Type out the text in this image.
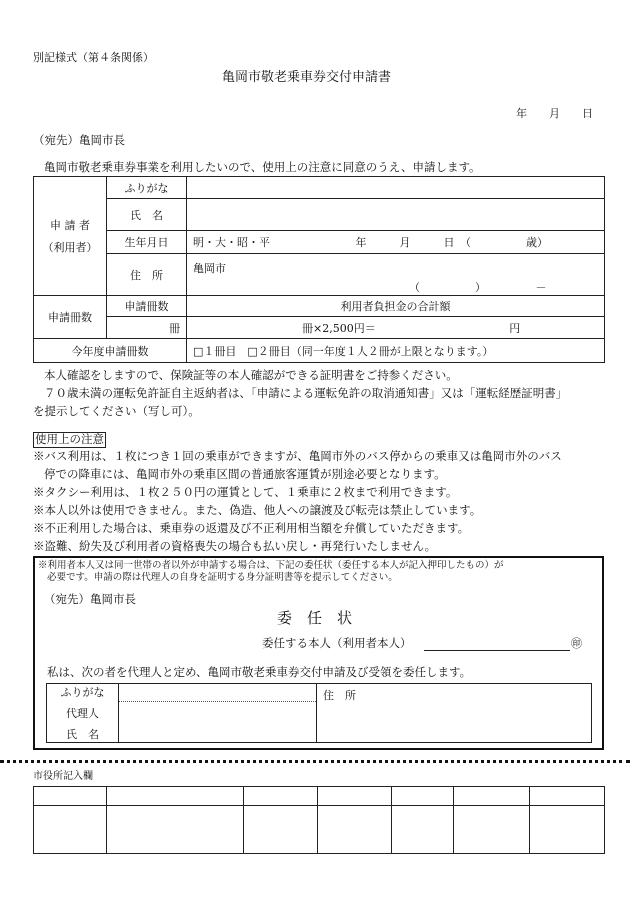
別記様式（第４条関係）
亀岡市敬老乗車券交付申請書
年　　月　　日
（宛先）亀岡市長
亀岡市敬老乗車券事業を利用したいので、使用上の注意に同意のうえ、申請します。
申 請 者
（利用者）	ふりがな	
	氏　名	
	生年月日	明・大・昭・平 年　　　月　　　日　（　　　　　歳）
	住　所	亀岡市
（　　　　　）　　　　　－

申請冊数	申請冊数	利用者負担金の合計額
	冊	冊×2,500円＝ 円
今年度申請冊数		□１冊目　□２冊目（同一年度１人２冊が上限となります。）
本人確認をしますので、保険証等の本人確認ができる証明書をご持参ください。
７０歳未満の運転免許証自主返納者は、「申請による運転免許の取消通知書」又は「運転経歴証明書」
を提示してください（写し可）。
使用上の注意
※バス利用は、１枚につき１回の乗車ができますが、亀岡市外のバス停からの乗車又は亀岡市外のバス
停での降車には、亀岡市外の乗車区間の普通旅客運賃が別途必要となります。
※タクシー利用は、１枚２５０円の運賃として、１乗車に２枚まで利用できます。
※本人以外は使用できません。また、偽造、他人への譲渡及び転売は禁止しています。
※不正利用した場合は、乗車券の返還及び不正利用相当額を弁償していただきます。
※盗難、紛失及び利用者の資格喪失の場合も払い戻し・再発行いたしません。
※利用者本人又は同一世帯の者以外が申請する場合は、下記の委任状（委任する本人が記入押印したもの）が
必要です。申請の際は代理人の自身を証明する身分証明書等を提示してください。
（宛先）亀岡市長
委　任　状
委任する本人（利用者本人）	㊞
私は、次の者を代理人と定め、亀岡市敬老乗車券交付申請及び受領を委任します。
ふりがな
代理人
氏　名

	住　所
市役所記入欄
